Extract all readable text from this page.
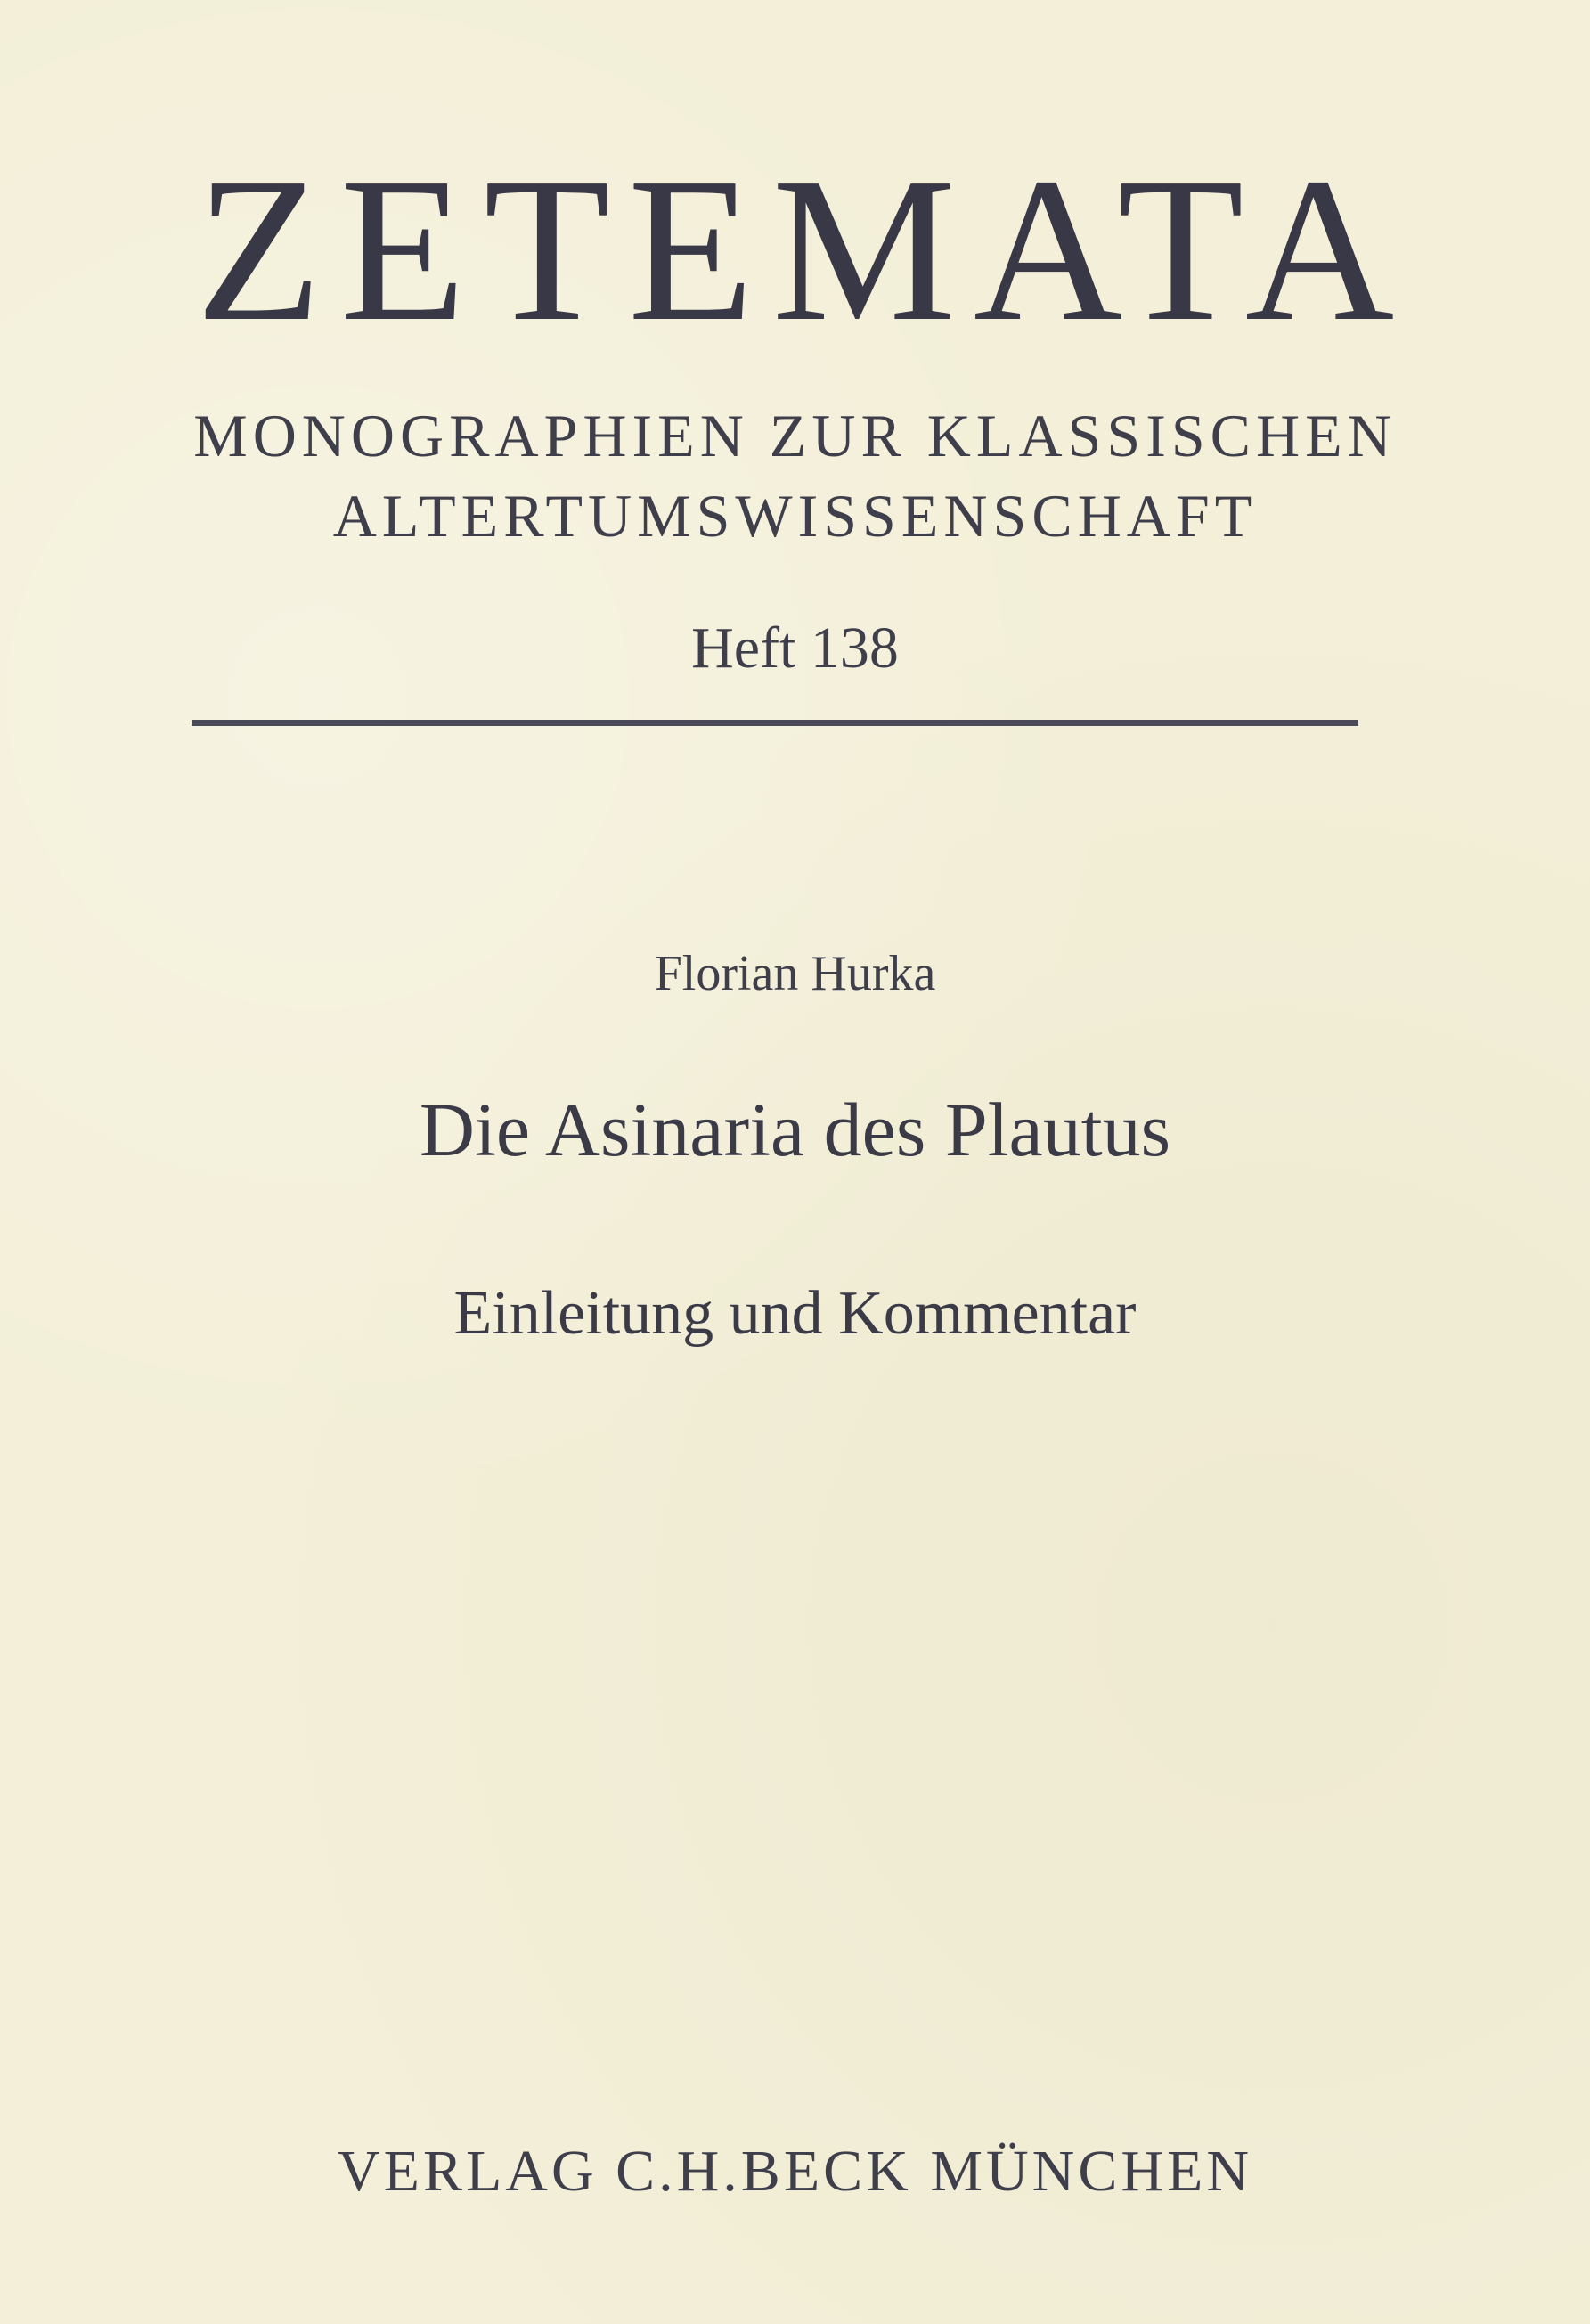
ZETEMATA
MONOGRAPHIEN ZUR KLASSISCHEN
ALTERTUMSWISSENSCHAFT
Heft 138
Florian Hurka
Die Asinaria des Plautus
Einleitung und Kommentar
VERLAG C.H.BECK MÜNCHEN
